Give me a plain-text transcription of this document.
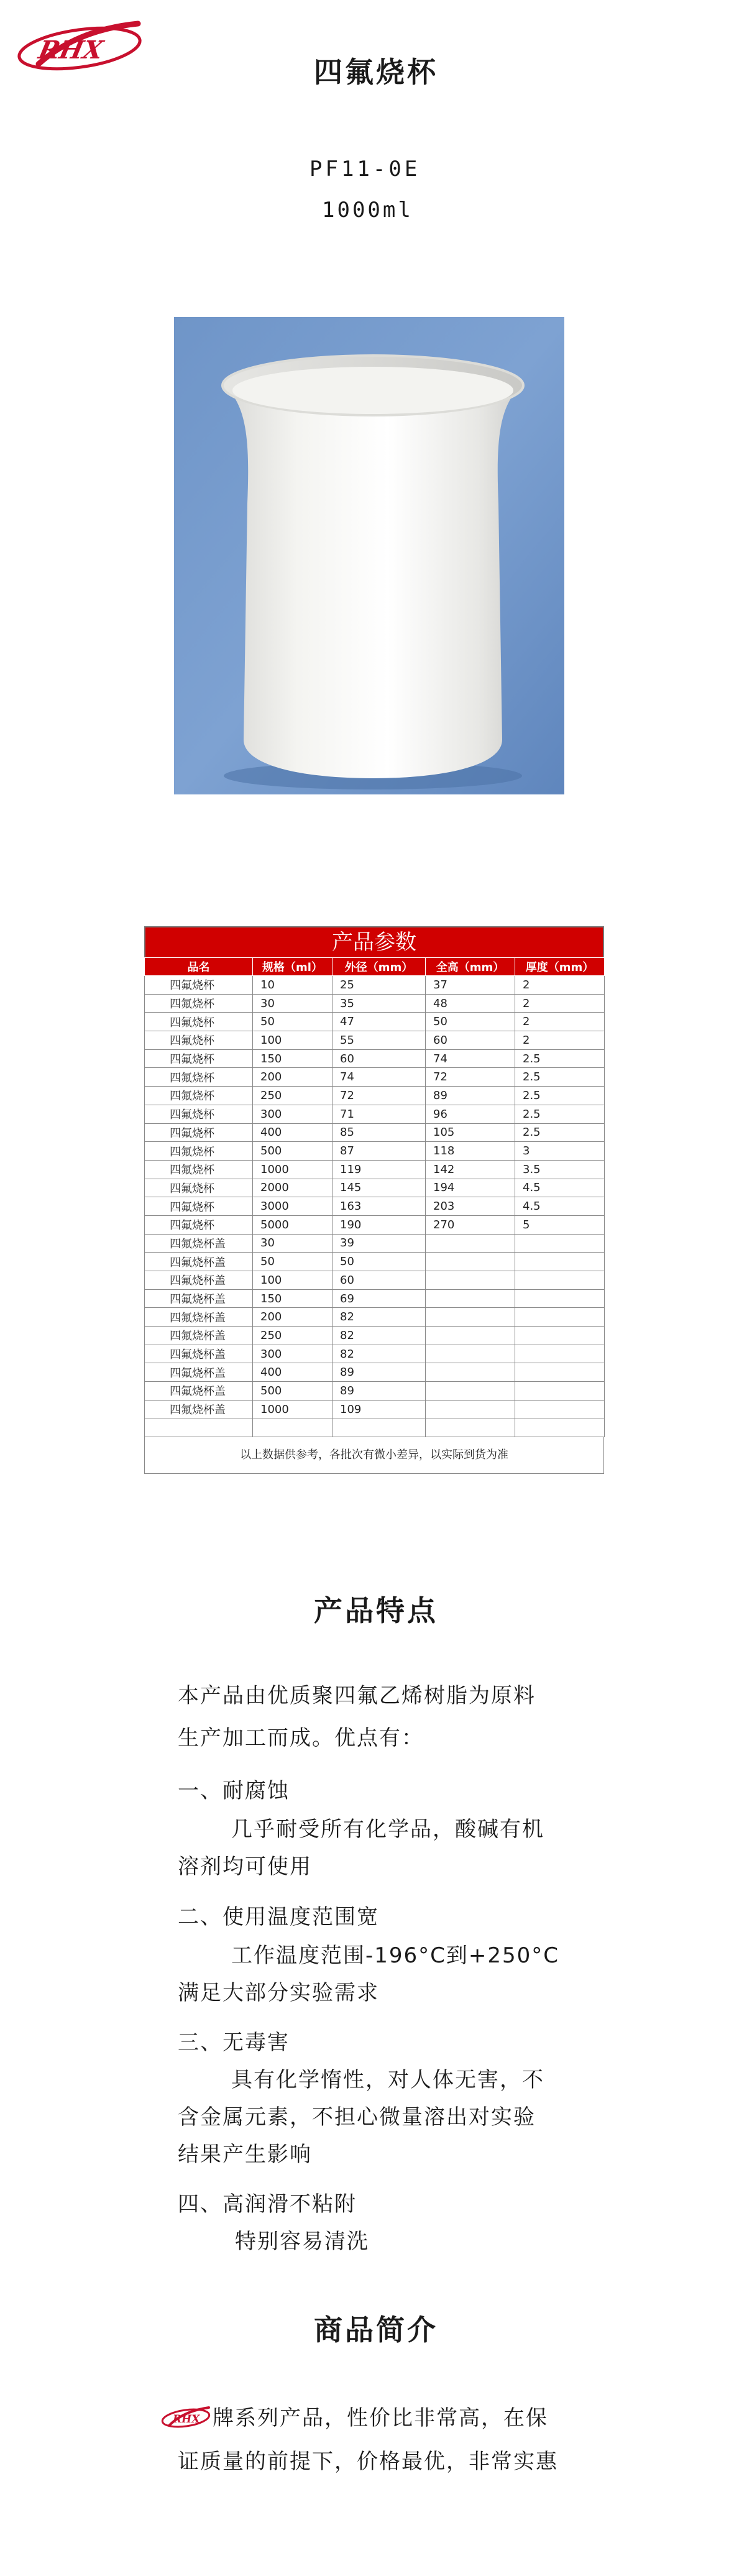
RHX
四氟烧杯
PF11-0E
1000ml
产品参数
品名	规格（ml）	外径（mm）	全高（mm）	厚度（mm）
四氟烧杯	10	25	37	2
四氟烧杯	30	35	48	2
四氟烧杯	50	47	50	2
四氟烧杯	100	55	60	2
四氟烧杯	150	60	74	2.5
四氟烧杯	200	74	72	2.5
四氟烧杯	250	72	89	2.5
四氟烧杯	300	71	96	2.5
四氟烧杯	400	85	105	2.5
四氟烧杯	500	87	118	3
四氟烧杯	1000	119	142	3.5
四氟烧杯	2000	145	194	4.5
四氟烧杯	3000	163	203	4.5
四氟烧杯	5000	190	270	5
四氟烧杯盖	30	39		
四氟烧杯盖	50	50		
四氟烧杯盖	100	60		
四氟烧杯盖	150	69		
四氟烧杯盖	200	82		
四氟烧杯盖	250	82		
四氟烧杯盖	300	82		
四氟烧杯盖	400	89		
四氟烧杯盖	500	89		
四氟烧杯盖	1000	109		

以上数据供参考，各批次有微小差异，以实际到货为准
产品特点
本产品由优质聚四氟乙烯树脂为原料
生产加工而成。优点有：
一、耐腐蚀
几乎耐受所有化学品，酸碱有机
溶剂均可使用
二、使用温度范围宽
工作温度范围-196°C到+250°C
满足大部分实验需求
三、无毒害
具有化学惰性，对人体无害，不
含金属元素，不担心微量溶出对实验
结果产生影响
四、高润滑不粘附
特别容易清洗
商品简介
RHX 牌系列产品，性价比非常高，在保
证质量的前提下，价格最优，非常实惠
